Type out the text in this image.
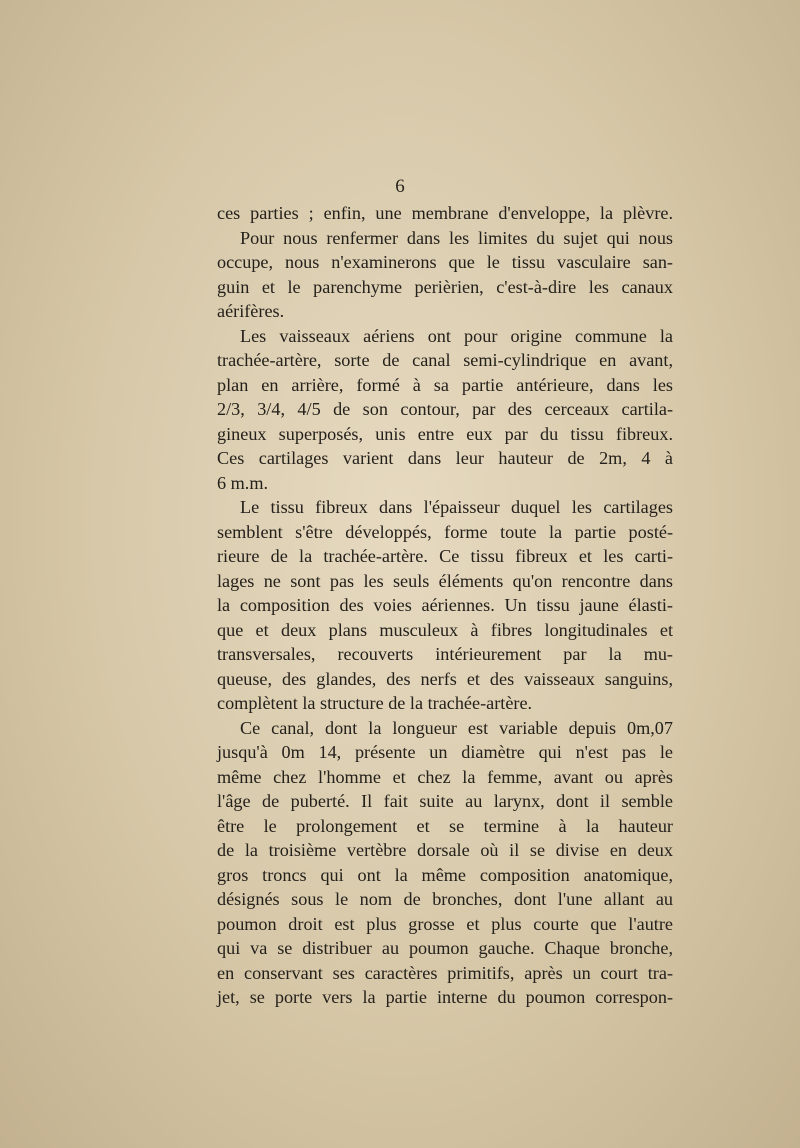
6
ces parties ; enfin, une membrane d'enveloppe, la plèvre.
Pour nous renfermer dans les limites du sujet qui nous
occupe, nous n'examinerons que le tissu vasculaire san-
guin et le parenchyme perièrien, c'est-à-dire les canaux
aérifères.
Les vaisseaux aériens ont pour origine commune la
trachée-artère, sorte de canal semi-cylindrique en avant,
plan en arrière, formé à sa partie antérieure, dans les
2/3, 3/4, 4/5 de son contour, par des cerceaux cartila-
gineux superposés, unis entre eux par du tissu fibreux.
Ces cartilages varient dans leur hauteur de 2m, 4 à
6 m.m.
Le tissu fibreux dans l'épaisseur duquel les cartilages
semblent s'être développés, forme toute la partie posté-
rieure de la trachée-artère. Ce tissu fibreux et les carti-
lages ne sont pas les seuls éléments qu'on rencontre dans
la composition des voies aériennes. Un tissu jaune élasti-
que et deux plans musculeux à fibres longitudinales et
transversales, recouverts intérieurement par la mu-
queuse, des glandes, des nerfs et des vaisseaux sanguins,
complètent la structure de la trachée-artère.
Ce canal, dont la longueur est variable depuis 0m,07
jusqu'à 0m 14, présente un diamètre qui n'est pas le
même chez l'homme et chez la femme, avant ou après
l'âge de puberté. Il fait suite au larynx, dont il semble
être le prolongement et se termine à la hauteur
de la troisième vertèbre dorsale où il se divise en deux
gros troncs qui ont la même composition anatomique,
désignés sous le nom de bronches, dont l'une allant au
poumon droit est plus grosse et plus courte que l'autre
qui va se distribuer au poumon gauche. Chaque bronche,
en conservant ses caractères primitifs, après un court tra-
jet, se porte vers la partie interne du poumon correspon-
